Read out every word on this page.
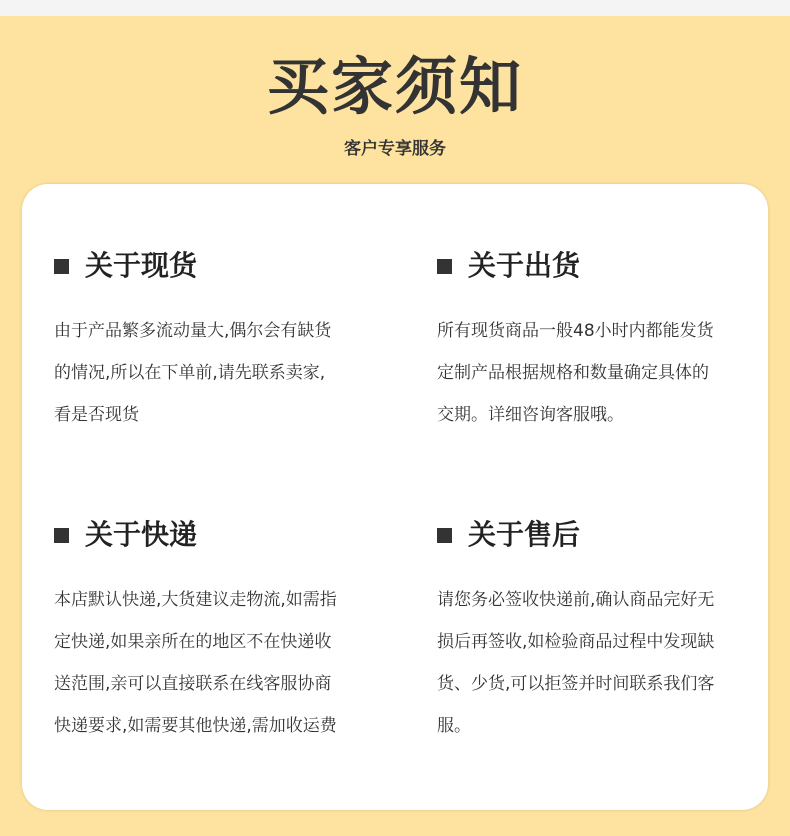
买家须知
客户专享服务
关于现货
由于产品繁多流动量大,偶尔会有缺货
的情况,所以在下单前,请先联系卖家,
看是否现货
关于出货
所有现货商品一般48小时内都能发货
定制产品根据规格和数量确定具体的
交期。详细咨询客服哦。
关于快递
本店默认快递,大货建议走物流,如需指
定快递,如果亲所在的地区不在快递收
送范围,亲可以直接联系在线客服协商
快递要求,如需要其他快递,需加收运费
关于售后
请您务必签收快递前,确认商品完好无
损后再签收,如检验商品过程中发现缺
货、少货,可以拒签并时间联系我们客
服。
